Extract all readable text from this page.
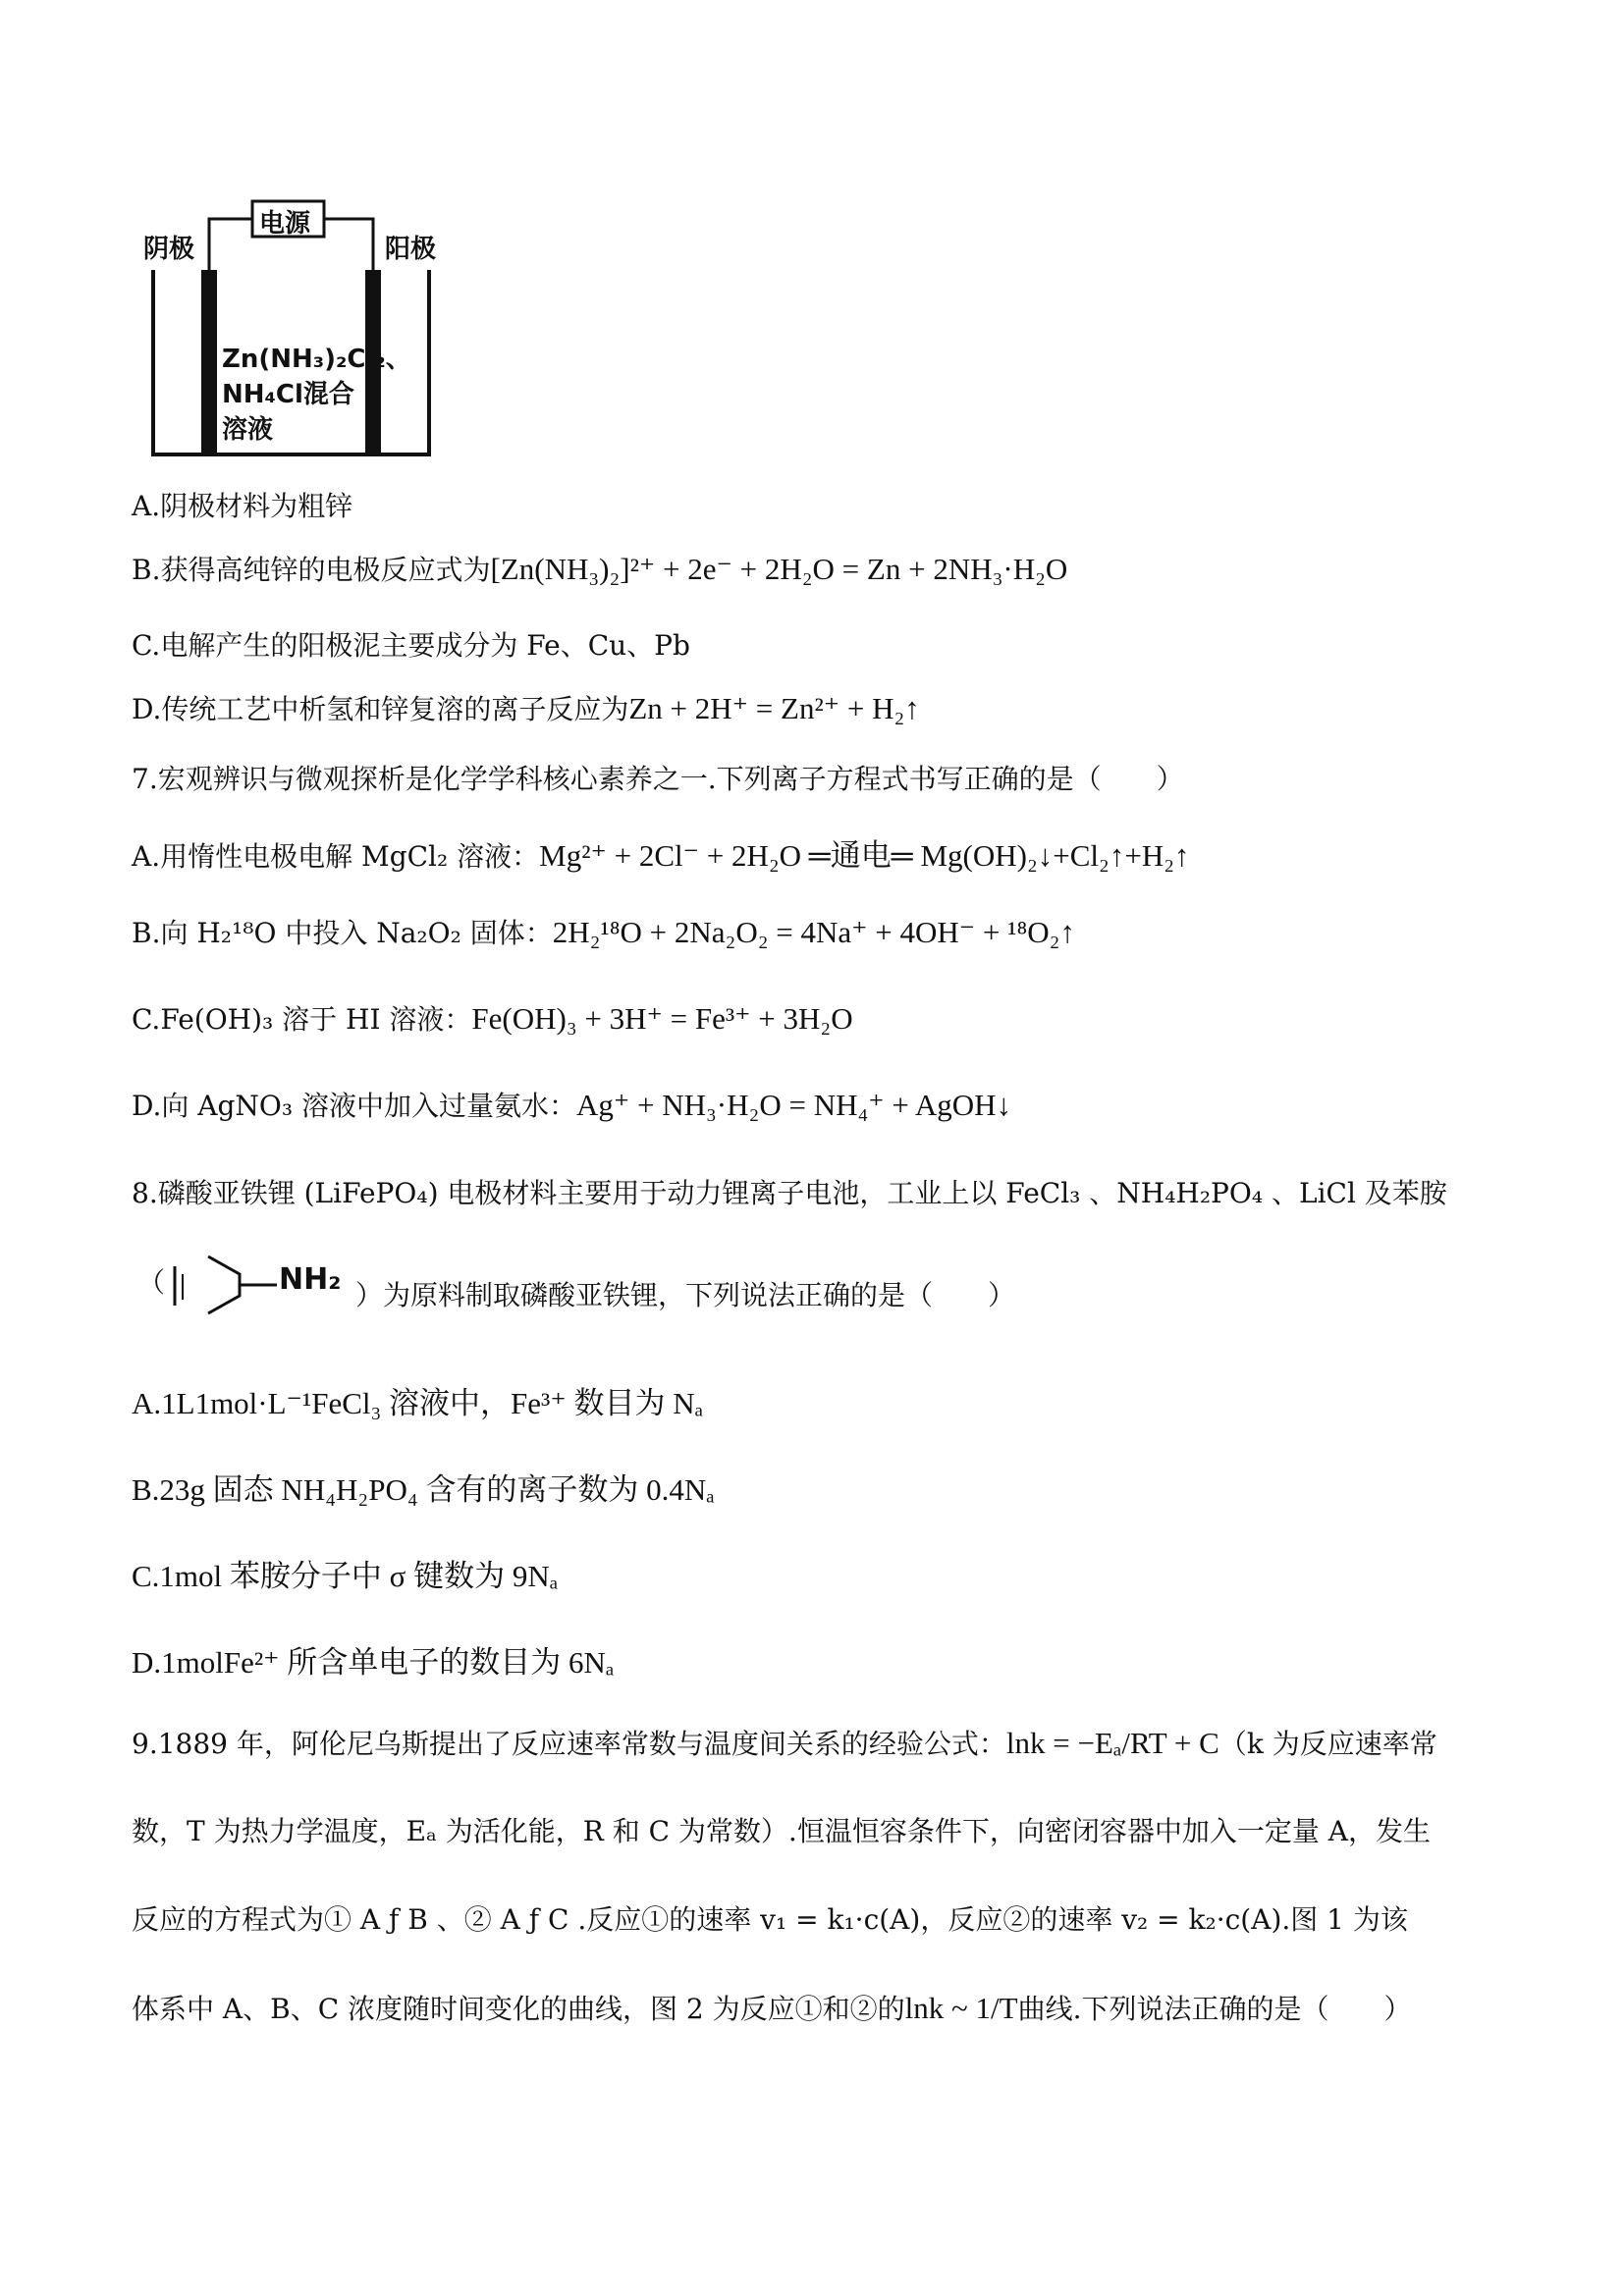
电源
阴极	阳极
Zn(NH₃)₂Cl₂、
NH₄Cl混合
溶液
A.阴极材料为粗锌
B.获得高纯锌的电极反应式为[Zn(NH₃)₂]²⁺ + 2e⁻ + 2H₂O = Zn + 2NH₃·H₂O
C.电解产生的阳极泥主要成分为 Fe、Cu、Pb
D.传统工艺中析氢和锌复溶的离子反应为Zn + 2H⁺ = Zn²⁺ + H₂↑
7.宏观辨识与微观探析是化学学科核心素养之一.下列离子方程式书写正确的是（　　）
A.用惰性电极电解 MgCl₂ 溶液：Mg²⁺ + 2Cl⁻ + 2H₂O ═通电═ Mg(OH)₂↓+Cl₂↑+H₂↑
B.向 H₂¹⁸O 中投入 Na₂O₂ 固体：2H₂¹⁸O + 2Na₂O₂ = 4Na⁺ + 4OH⁻ + ¹⁸O₂↑
C.Fe(OH)₃ 溶于 HI 溶液：Fe(OH)₃ + 3H⁺ = Fe³⁺ + 3H₂O
D.向 AgNO₃ 溶液中加入过量氨水：Ag⁺ + NH₃·H₂O = NH₄⁺ + AgOH↓
8.磷酸亚铁锂 (LiFePO₄) 电极材料主要用于动力锂离子电池，工业上以 FeCl₃ 、NH₄H₂PO₄ 、LiCl 及苯胺
（	NH₂ ）为原料制取磷酸亚铁锂，下列说法正确的是（　　）
A.1L1mol·L⁻¹FeCl₃ 溶液中，Fe³⁺ 数目为 Nₐ
B.23g 固态 NH₄H₂PO₄ 含有的离子数为 0.4Nₐ
C.1mol 苯胺分子中 σ 键数为 9Nₐ
D.1molFe²⁺ 所含单电子的数目为 6Nₐ
9.1889 年，阿伦尼乌斯提出了反应速率常数与温度间关系的经验公式：lnk = −Eₐ/RT + C（k 为反应速率常
数，T 为热力学温度，Eₐ 为活化能，R 和 C 为常数）.恒温恒容条件下，向密闭容器中加入一定量 A，发生
反应的方程式为① A ƒ B 、② A ƒ C .反应①的速率 v₁ = k₁·c(A)，反应②的速率 v₂ = k₂·c(A).图 1 为该
体系中 A、B、C 浓度随时间变化的曲线，图 2 为反应①和②的lnk ~ 1/T曲线.下列说法正确的是（　　）
